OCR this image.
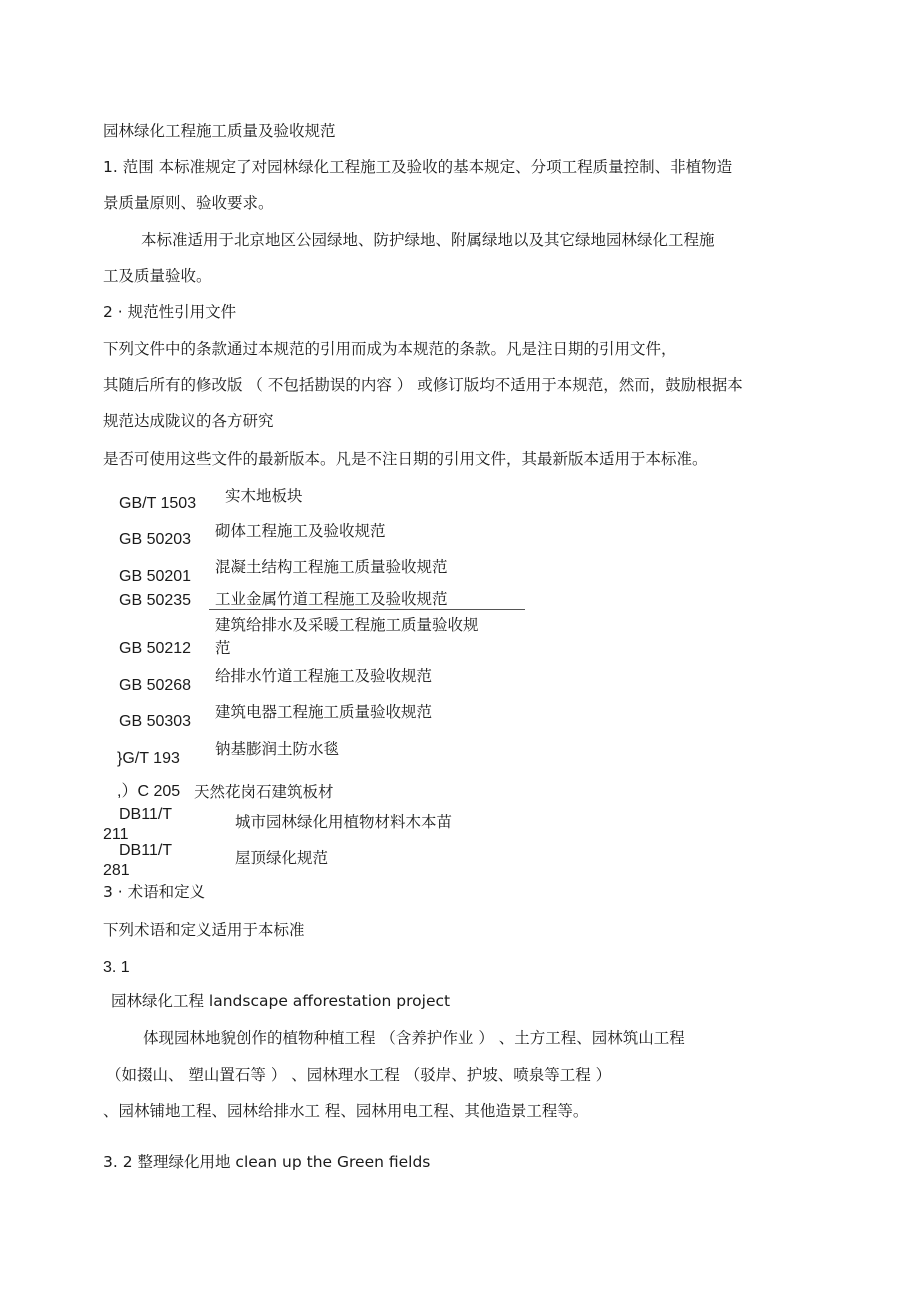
园林绿化工程施工质量及验收规范
1. 范围 本标准规定了对园林绿化工程施工及验收的基本规定、分项工程质量控制、非植物造
景质量原则、验收要求。
本标准适用于北京地区公园绿地、防护绿地、附属绿地以及其它绿地园林绿化工程施
工及质量验收。
2 · 规范性引用文件
下列文件中的条款通过本规范的引用而成为本规范的条款。凡是注日期的引用文件，
其随后所有的修改版 （ 不包括勘误的内容 ） 或修订版均不适用于本规范，然而，鼓励根据本
规范达成陇议的各方研究
是否可使用这些文件的最新版本。凡是不注日期的引用文件，其最新版本适用于本标准。
GB/T 1503 实木地板块
GB 50203 砌体工程施工及验收规范
GB 50201
混凝土结构工程施工质量验收规范
GB 50235 工业金属竹道工程施工及验收规范
建筑给排水及采暖工程施工质量验收规
范
GB 50212
GB 50268
给排水竹道工程施工及验收规范
GB 50303
建筑电器工程施工质量验收规范
}G/T 193
钠基膨润土防水毯
,）C 205 天然花岗石建筑板材
DB11/T
211
城市园林绿化用植物材料木本苗
DB11/T
281
屋顶绿化规范
3 · 术语和定义
下列术语和定义适用于本标准
3. 1
园林绿化工程 landscape afforestation project
体现园林地貌创作的植物种植工程 （含养护作业 ） 、土方工程、园林筑山工程
（如掇山、 塑山置石等 ） 、园林理水工程 （驳岸、护坡、喷泉等工程 ）
、园林铺地工程、园林给排水工 程、园林用电工程、其他造景工程等。
3. 2 整理绿化用地 clean up the Green fields
